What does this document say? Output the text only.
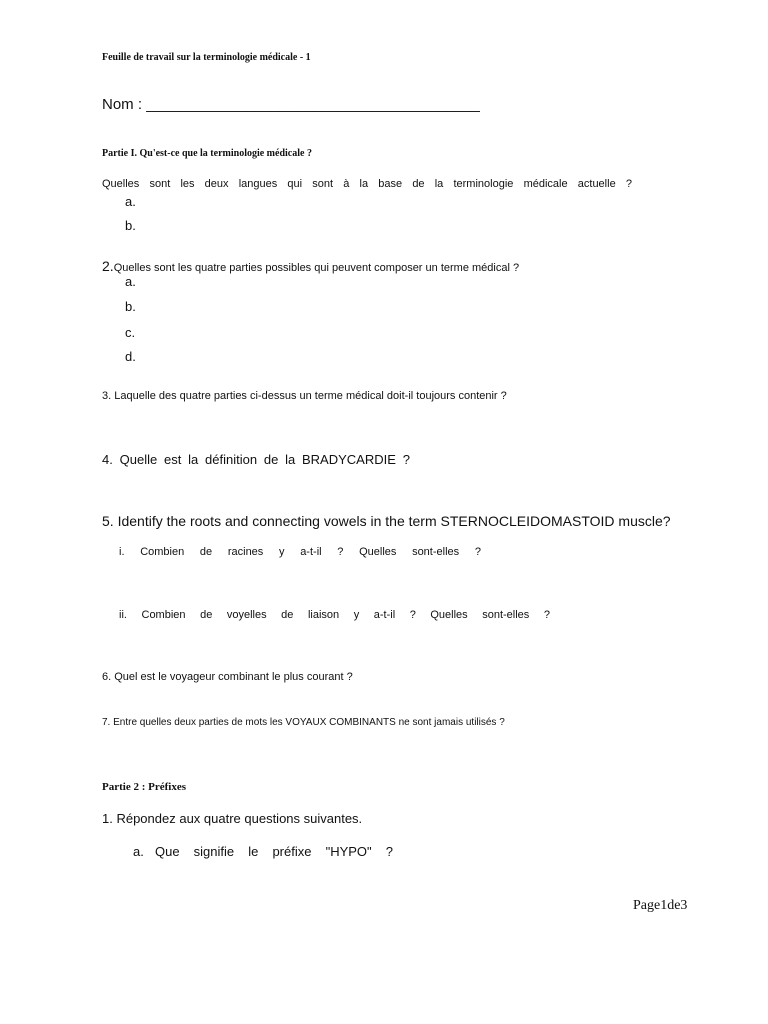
Feuille de travail sur la terminologie médicale - 1
Nom : ________________________________________
Partie I. Qu'est-ce que la terminologie médicale ?
Quelles sont les deux langues qui sont à la base de la terminologie médicale actuelle ?
a.
b.
2.Quelles sont les quatre parties possibles qui peuvent composer un terme médical ?
a.
b.
c.
d.
3. Laquelle des quatre parties ci-dessus un terme médical doit-il toujours contenir ?
4. Quelle est la définition de la BRADYCARDIE ?
5. Identify the roots and connecting vowels in the term STERNOCLEIDOMASTOID muscle?
i. Combien de racines y a-t-il ? Quelles sont-elles ?
ii. Combien de voyelles de liaison y a-t-il ? Quelles sont-elles ?
6. Quel est le voyageur combinant le plus courant ?
7. Entre quelles deux parties de mots les VOYAUX COMBINANTS ne sont jamais utilisés ?
Partie 2 : Préfixes
1. Répondez aux quatre questions suivantes.
a. Que signifie le préfixe "HYPO" ?
Page1de3
